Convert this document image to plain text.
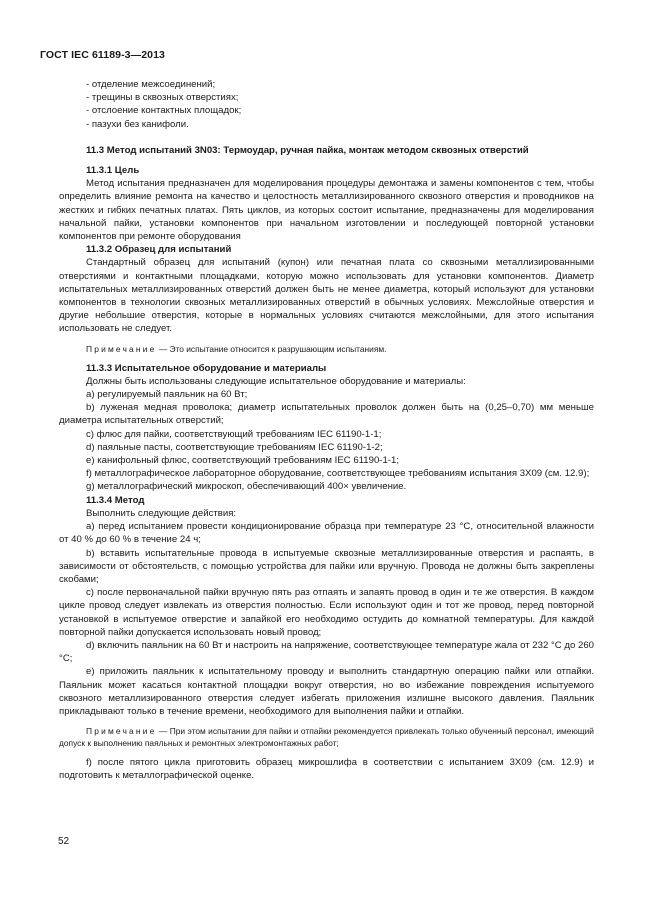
ГОСТ IEC 61189-3—2013

- отделение межсоединений;

- трещины в сквозных отверстиях;

- отслоение контактных площадок;

- пазухи без канифоли.

11.3 Метод испытаний 3N03: Термоудар, ручная пайка, монтаж методом сквозных отверстий

11.3.1 Цель

Метод испытания предназначен для моделирования процедуры демонтажа и замены компонентов с тем, чтобы определить влияние ремонта на качество и целостность металлизированного сквозного отверстия и проводников на жестких и гибких печатных платах. Пять циклов, из которых состоит испытание, предназначены для моделирования начальной пайки, установки компонентов при начальном изготовлении и последующей повторной установки компонентов при ремонте оборудования

11.3.2 Образец для испытаний

Стандартный образец для испытаний (купон) или печатная плата со сквозными металлизированными отверстиями и контактными площадками, которую можно использовать для установки компонентов. Диаметр испытательных металлизированных отверстий должен быть не менее диаметра, который используют для установки компонентов в технологии сквозных металлизированных отверстий в обычных условиях. Межслойные отверстия и другие небольшие отверстия, которые в нормальных условиях считаются межслойными, для этого испытания использовать не следует.

Примечание — Это испытание относится к разрушающим испытаниям.

11.3.3 Испытательное оборудование и материалы

Должны быть использованы следующие испытательное оборудование и материалы:

a) регулируемый паяльник на 60 Вт;

b) луженая медная проволока; диаметр испытательных проволок должен быть на (0,25–0,70) мм меньше диаметра испытательных отверстий;

c) флюс для пайки, соответствующий требованиям IEC 61190-1-1;

d) паяльные пасты, соответствующие требованиям IEC 61190-1-2;

e) канифольный флюс, соответствующий требованиям IEC 61190-1-1;

f) металлографическое лабораторное оборудование, соответствующее требованиям испытания 3X09 (см. 12.9);

g) металлографический микроскоп, обеспечивающий 400× увеличение.

11.3.4 Метод

Выполнить следующие действия:

a) перед испытанием провести кондиционирование образца при температуре 23 °С, относительной влажности от 40 % до 60 % в течение 24 ч;

b) вставить испытательные провода в испытуемые сквозные металлизированные отверстия и распаять, в зависимости от обстоятельств, с помощью устройства для пайки или вручную. Провода не должны быть закреплены скобами;

c) после первоначальной пайки вручную пять раз отпаять и запаять провод в один и те же отверстия. В каждом цикле провод следует извлекать из отверстия полностью. Если используют один и тот же провод, перед повторной установкой в испытуемое отверстие и запайкой его необходимо остудить до комнатной температуры. Для каждой повторной пайки допускается использовать новый провод;

d) включить паяльник на 60 Вт и настроить на напряжение, соответствующее температуре жала от 232 °С до 260 °С;

e) приложить паяльник к испытательному проводу и выполнить стандартную операцию пайки или отпайки. Паяльник может касаться контактной площадки вокруг отверстия, но во избежание повреждения испытуемого сквозного металлизированного отверстия следует избегать приложения излишне высокого давления. Паяльник прикладывают только в течение времени, необходимого для выполнения пайки и отпайки.

Примечание — При этом испытании для пайки и отпайки рекомендуется привлекать только обученный персонал, имеющий допуск к выполнению паяльных и ремонтных электромонтажных работ;

f) после пятого цикла приготовить образец микрошлифа в соответствии с испытанием 3X09 (см. 12.9) и подготовить к металлографической оценке.

52
